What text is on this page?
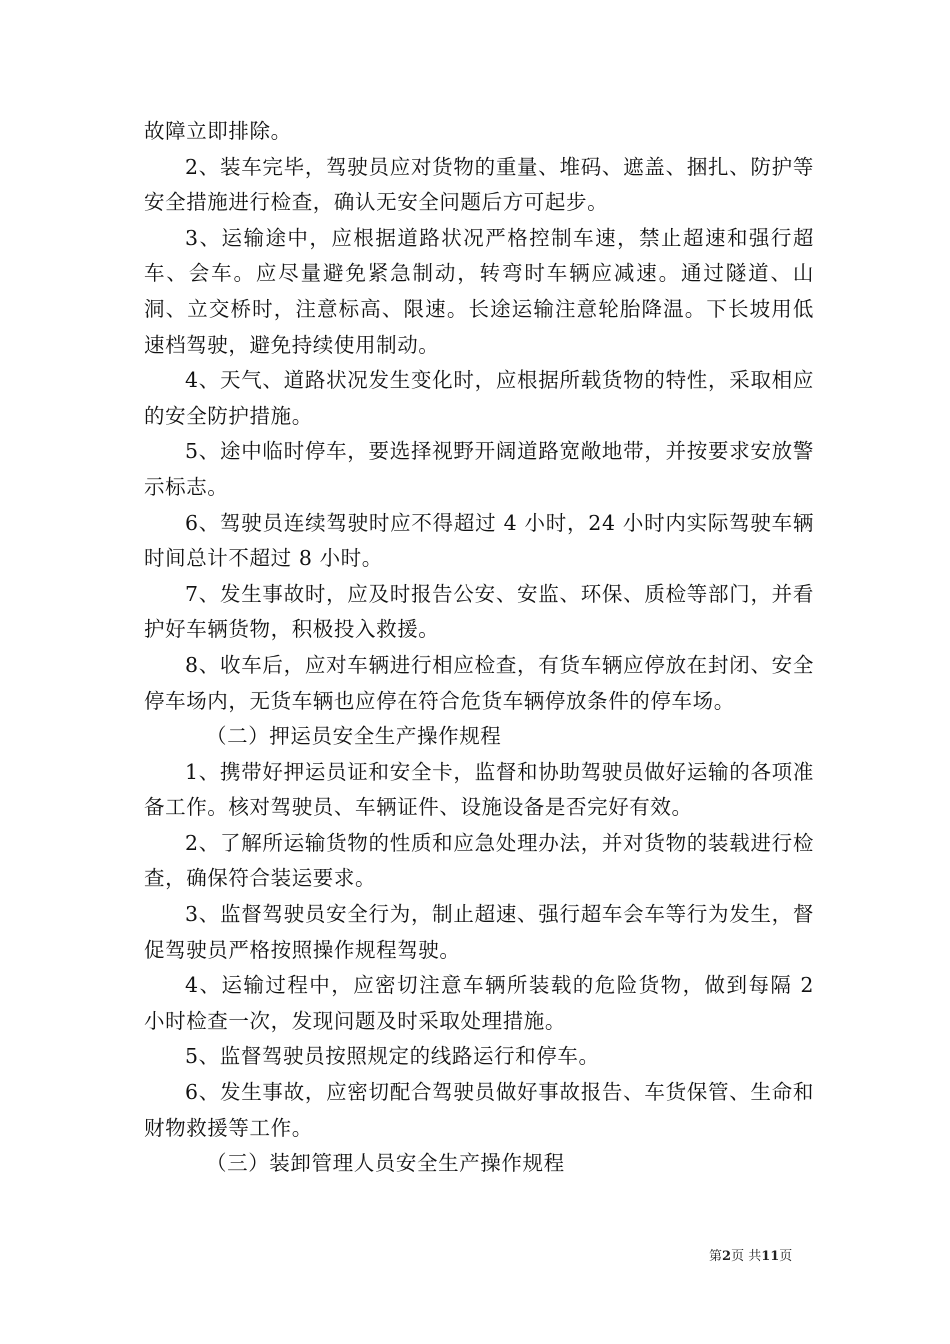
故障立即排除。

2、装车完毕，驾驶员应对货物的重量、堆码、遮盖、捆扎、防护等安全措施进行检查，确认无安全问题后方可起步。

3、运输途中，应根据道路状况严格控制车速，禁止超速和强行超车、会车。应尽量避免紧急制动，转弯时车辆应减速。通过隧道、山洞、立交桥时，注意标高、限速。长途运输注意轮胎降温。下长坡用低速档驾驶，避免持续使用制动。

4、天气、道路状况发生变化时，应根据所载货物的特性，采取相应的安全防护措施。

5、途中临时停车，要选择视野开阔道路宽敞地带，并按要求安放警示标志。

6、驾驶员连续驾驶时应不得超过 4 小时，24 小时内实际驾驶车辆时间总计不超过 8 小时。

7、发生事故时，应及时报告公安、安监、环保、质检等部门，并看护好车辆货物，积极投入救援。

8、收车后，应对车辆进行相应检查，有货车辆应停放在封闭、安全停车场内，无货车辆也应停在符合危货车辆停放条件的停车场。

（二）押运员安全生产操作规程

1、携带好押运员证和安全卡，监督和协助驾驶员做好运输的各项准备工作。核对驾驶员、车辆证件、设施设备是否完好有效。

2、了解所运输货物的性质和应急处理办法，并对货物的装载进行检查，确保符合装运要求。

3、监督驾驶员安全行为，制止超速、强行超车会车等行为发生，督促驾驶员严格按照操作规程驾驶。

4、运输过程中，应密切注意车辆所装载的危险货物，做到每隔 2 小时检查一次，发现问题及时采取处理措施。

5、监督驾驶员按照规定的线路运行和停车。

6、发生事故，应密切配合驾驶员做好事故报告、车货保管、生命和财物救援等工作。

（三）装卸管理人员安全生产操作规程

第2页 共11页
